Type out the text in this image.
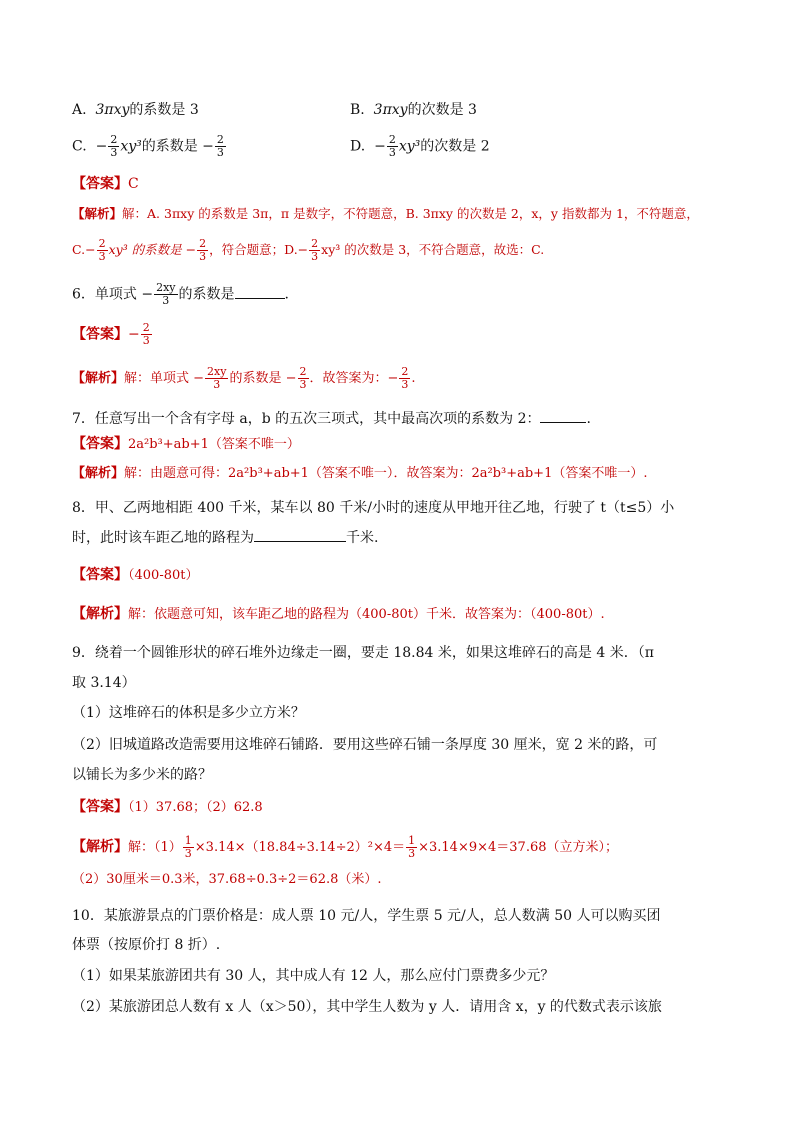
A. 3πxy的系数是 3	B. 3πxy的次数是 3
C. − $\frac{2}{3} xy^3$的系数是 − $\frac{2}{3}$	D. − $\frac{2}{3} xy^3$的次数是 2
【答案】C
【解析】解：A. 3πxy 的系数是 3π，π 是数字，不符题意，B. 3πxy 的次数是 2，x，y 指数都为 1，不符题意，
$C.- \frac{2}{3} xy^3$ 的系数是 − $\frac{2}{3}$ ，符合题意；$D.- \frac{2}{3} xy^3$ 的次数是 3，不符合题意，故选：C.
6．单项式 − $\frac{2xy}{3}$ 的系数是	.
【答案】− $\frac{2}{3}$
【解析】解：单项式 − $\frac{2xy}{3}$ 的系数是 − $\frac{2}{3}$ ．故答案为：− $\frac{2}{3}$ .
7．任意写出一个含有字母 a，b 的五次三项式，其中最高次项的系数为 2：	.
【答案】2a²b³+ab+1（答案不唯一）
【解析】解：由题意可得：2a²b³+ab+1（答案不唯一）．故答案为：2a²b³+ab+1（答案不唯一）.
8．甲、乙两地相距 400 千米，某车以 80 千米/小时的速度从甲地开往乙地，行驶了 t（t≤5）小
时，此时该车距乙地的路程为	千米.
【答案】（400-80t）
【解析】解：依题意可知，该车距乙地的路程为（400-80t）千米．故答案为：（400-80t）.
9．绕着一个圆锥形状的碎石堆外边缘走一圈，要走 18.84 米，如果这堆碎石的高是 4 米．（π
取 3.14）
（1）这堆碎石的体积是多少立方米？
（2）旧城道路改造需要用这堆碎石铺路．要用这些碎石铺一条厚度 30 厘米，宽 2 米的路，可
以铺长为多少米的路？
【答案】（1）37.68；（2）62.8
【解析】解：$(1) \frac{1}{3} \times 3.14\times(18.84\div 3.14\div 2)^2\times 4= \frac{1}{3} \times 3.14\times 9\times 4=37.68$（立方米）；
（2）30厘米＝0.3米，37.68÷0.3÷2＝62.8（米）.
10．某旅游景点的门票价格是：成人票 10 元/人，学生票 5 元/人，总人数满 50 人可以购买团
体票（按原价打 8 折）.
（1）如果某旅游团共有 30 人，其中成人有 12 人，那么应付门票费多少元？
（2）某旅游团总人数有 x 人（x＞50），其中学生人数为 y 人．请用含 x，y 的代数式表示该旅
